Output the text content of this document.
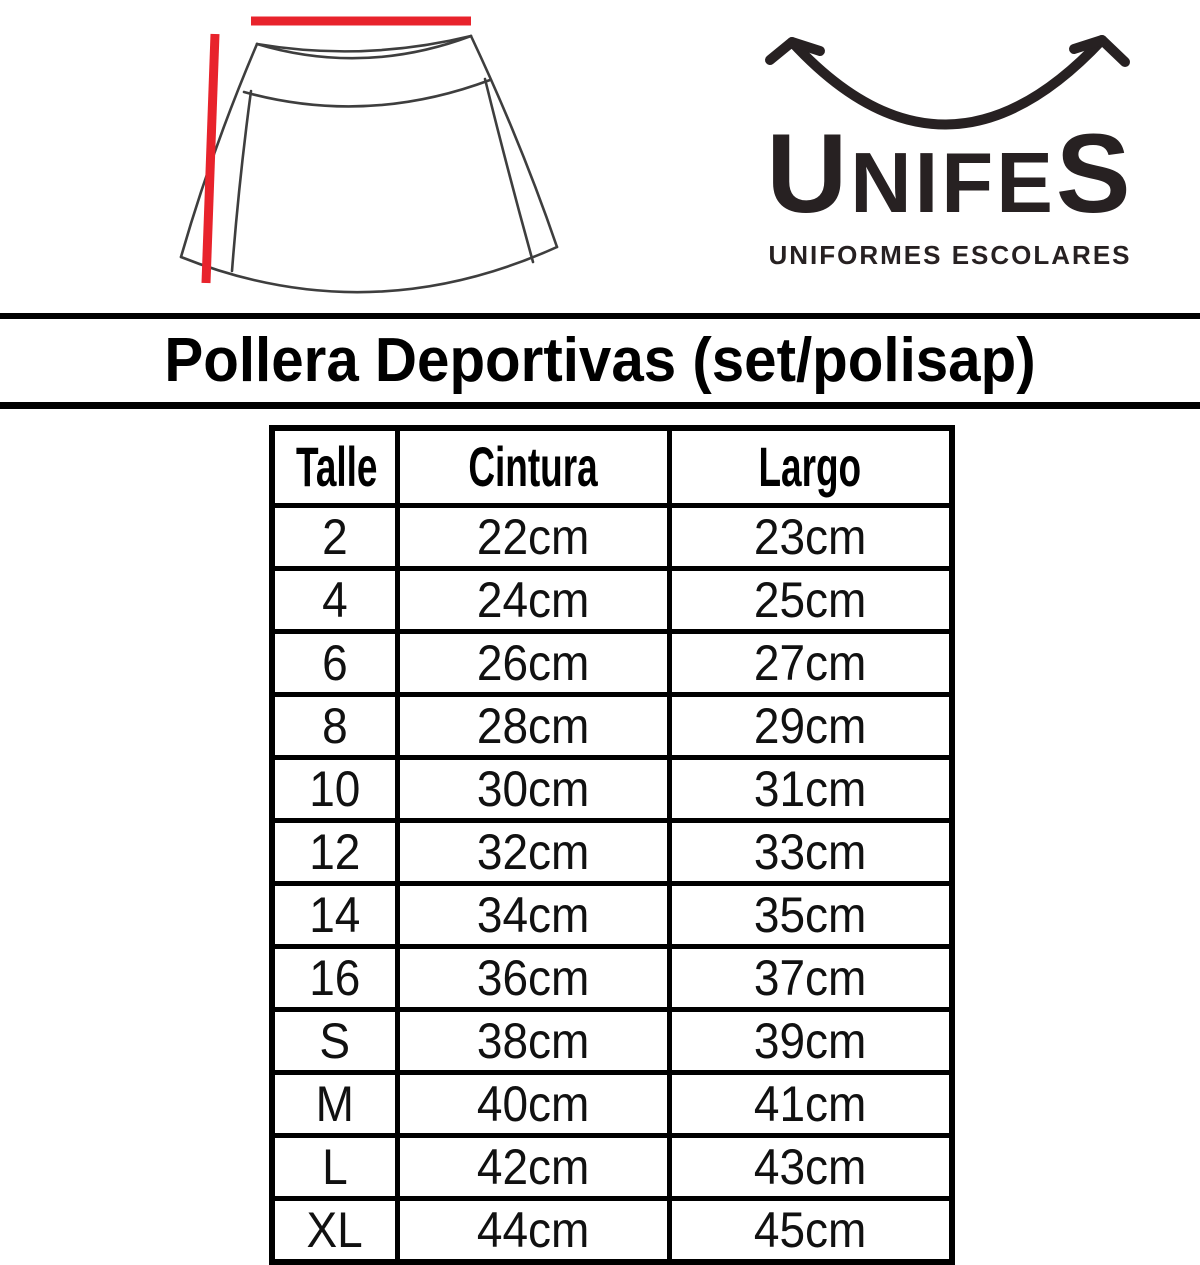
U NIFE S
UNIFORMES ESCOLARES
Pollera Deportivas (set/polisap)
Talle	Cintura	Largo
2	22cm	23cm
4	24cm	25cm
6	26cm	27cm
8	28cm	29cm
10	30cm	31cm
12	32cm	33cm
14	34cm	35cm
16	36cm	37cm
S	38cm	39cm
M	40cm	41cm
L	42cm	43cm
XL	44cm	45cm
